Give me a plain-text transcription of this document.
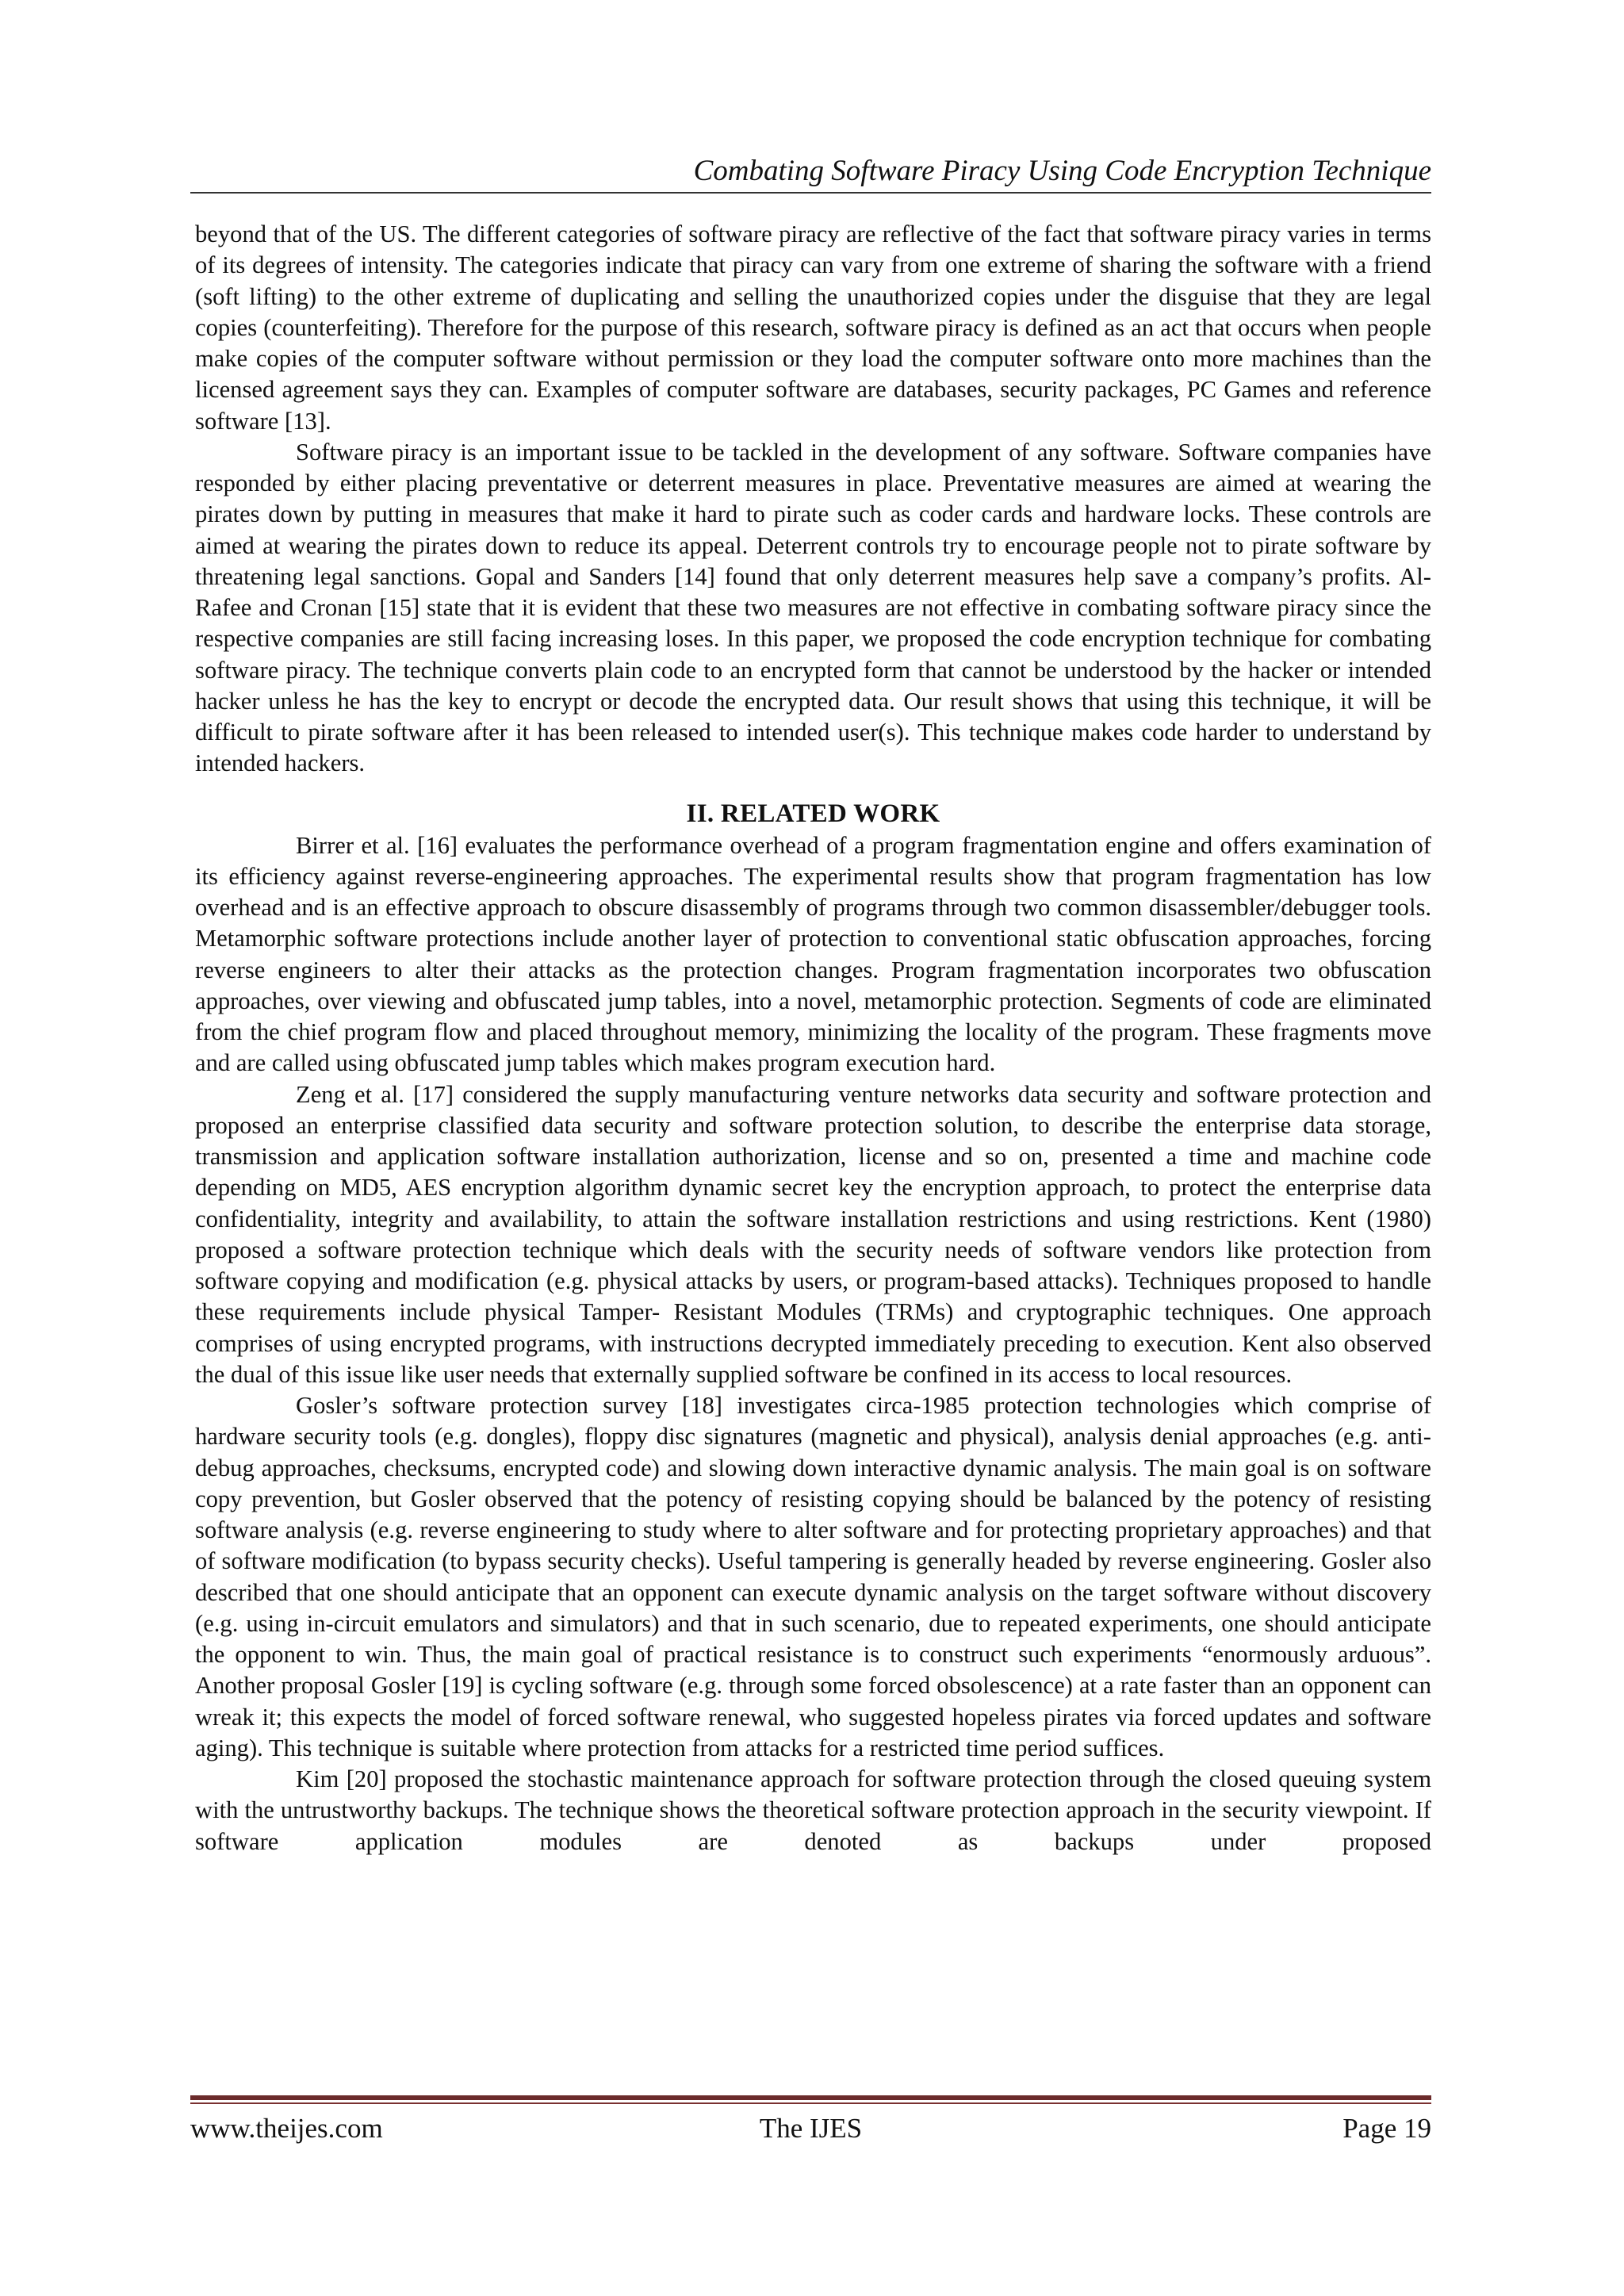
Combating Software Piracy Using Code Encryption Technique

beyond that of the US. The different categories of software piracy are reflective of the fact that software piracy varies in terms of its degrees of intensity. The categories indicate that piracy can vary from one extreme of sharing the software with a friend (soft lifting) to the other extreme of duplicating and selling the unauthorized copies under the disguise that they are legal copies (counterfeiting). Therefore for the purpose of this research, software piracy is defined as an act that occurs when people make copies of the computer software without permission or they load the computer software onto more machines than the licensed agreement says they can. Examples of computer software are databases, security packages, PC Games and reference software [13].

Software piracy is an important issue to be tackled in the development of any software. Software companies have responded by either placing preventative or deterrent measures in place. Preventative measures are aimed at wearing the pirates down by putting in measures that make it hard to pirate such as coder cards and hardware locks. These controls are aimed at wearing the pirates down to reduce its appeal. Deterrent controls try to encourage people not to pirate software by threatening legal sanctions. Gopal and Sanders [14] found that only deterrent measures help save a company’s profits. Al-Rafee and Cronan [15] state that it is evident that these two measures are not effective in combating software piracy since the respective companies are still facing increasing loses. In this paper, we proposed the code encryption technique for combating software piracy. The technique converts plain code to an encrypted form that cannot be understood by the hacker or intended hacker unless he has the key to encrypt or decode the encrypted data. Our result shows that using this technique, it will be difficult to pirate software after it has been released to intended user(s). This technique makes code harder to understand by intended hackers.

II. RELATED WORK

Birrer et al. [16] evaluates the performance overhead of a program fragmentation engine and offers examination of its efficiency against reverse-engineering approaches. The experimental results show that program fragmentation has low overhead and is an effective approach to obscure disassembly of programs through two common disassembler/debugger tools. Metamorphic software protections include another layer of protection to conventional static obfuscation approaches, forcing reverse engineers to alter their attacks as the protection changes. Program fragmentation incorporates two obfuscation approaches, over viewing and obfuscated jump tables, into a novel, metamorphic protection. Segments of code are eliminated from the chief program flow and placed throughout memory, minimizing the locality of the program. These fragments move and are called using obfuscated jump tables which makes program execution hard.

Zeng et al. [17] considered the supply manufacturing venture networks data security and software protection and proposed an enterprise classified data security and software protection solution, to describe the enterprise data storage, transmission and application software installation authorization, license and so on, presented a time and machine code depending on MD5, AES encryption algorithm dynamic secret key the encryption approach, to protect the enterprise data confidentiality, integrity and availability, to attain the software installation restrictions and using restrictions. Kent (1980) proposed a software protection technique which deals with the security needs of software vendors like protection from software copying and modification (e.g. physical attacks by users, or program-based attacks). Techniques proposed to handle these requirements include physical Tamper- Resistant Modules (TRMs) and cryptographic techniques. One approach comprises of using encrypted programs, with instructions decrypted immediately preceding to execution. Kent also observed the dual of this issue like user needs that externally supplied software be confined in its access to local resources.

Gosler’s software protection survey [18] investigates circa-1985 protection technologies which comprise of hardware security tools (e.g. dongles), floppy disc signatures (magnetic and physical), analysis denial approaches (e.g. anti-debug approaches, checksums, encrypted code) and slowing down interactive dynamic analysis. The main goal is on software copy prevention, but Gosler observed that the potency of resisting copying should be balanced by the potency of resisting software analysis (e.g. reverse engineering to study where to alter software and for protecting proprietary approaches) and that of software modification (to bypass security checks). Useful tampering is generally headed by reverse engineering. Gosler also described that one should anticipate that an opponent can execute dynamic analysis on the target software without discovery (e.g. using in-circuit emulators and simulators) and that in such scenario, due to repeated experiments, one should anticipate the opponent to win. Thus, the main goal of practical resistance is to construct such experiments “enormously arduous”. Another proposal Gosler [19] is cycling software (e.g. through some forced obsolescence) at a rate faster than an opponent can wreak it; this expects the model of forced software renewal, who suggested hopeless pirates via forced updates and software aging). This technique is suitable where protection from attacks for a restricted time period suffices.

Kim [20] proposed the stochastic maintenance approach for software protection through the closed queuing system with the untrustworthy backups. The technique shows the theoretical software protection approach in the security viewpoint. If software application modules are denoted as backups under proposed

www.theijes.com	The IJES	Page 19
